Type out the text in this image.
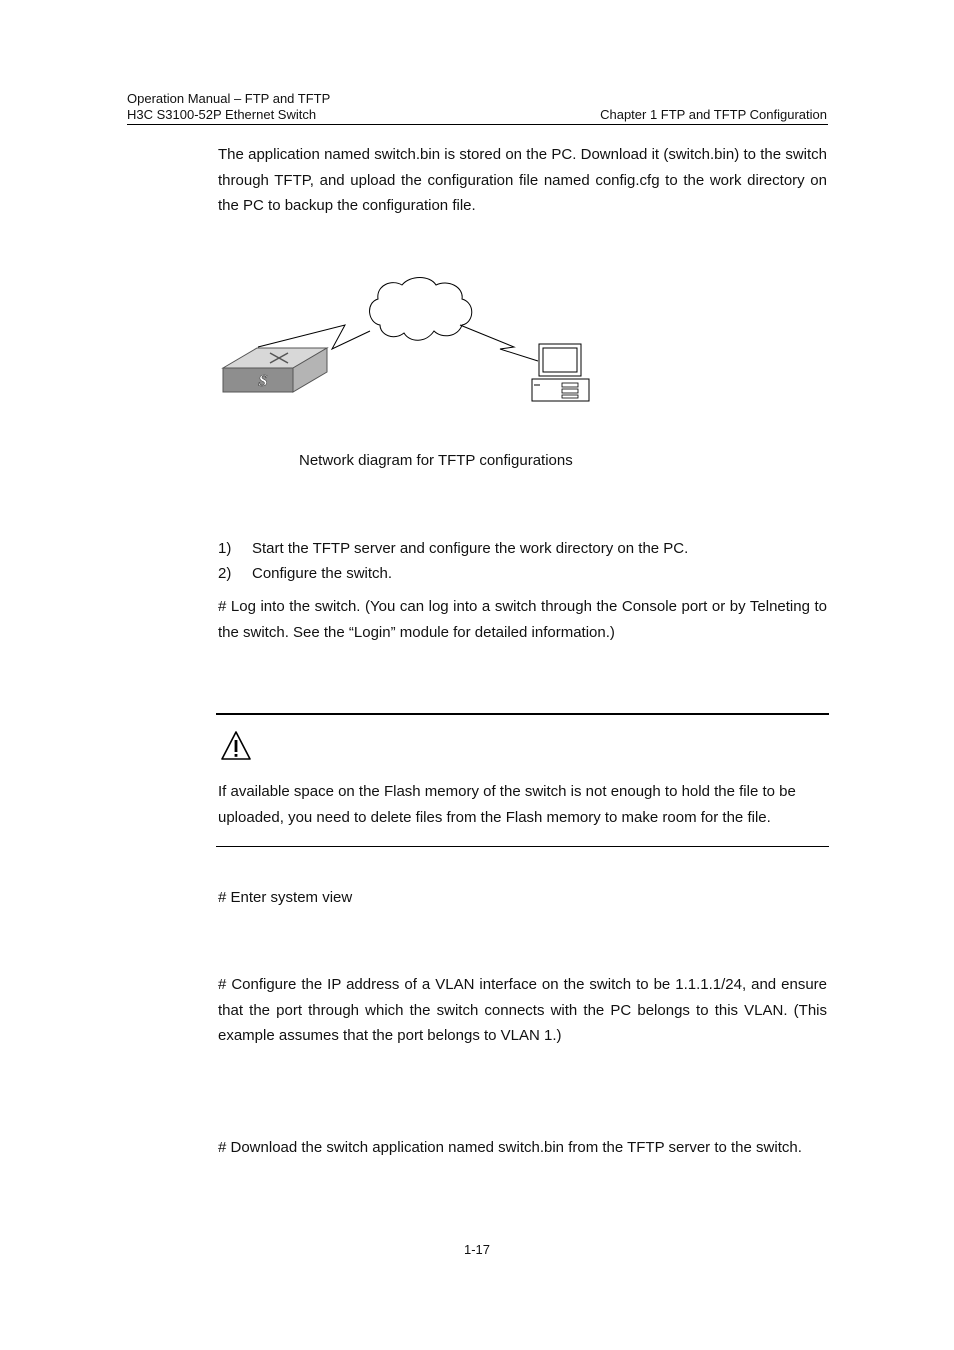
Operation Manual – FTP and TFTP
H3C S3100-52P Ethernet Switch	Chapter 1 FTP and TFTP Configuration
The application named switch.bin is stored on the PC. Download it (switch.bin) to the switch through TFTP, and upload the configuration file named config.cfg to the work directory on the PC to backup the configuration file.
S
Network diagram for TFTP configurations
1) Start the TFTP server and configure the work directory on the PC.
2) Configure the switch.
# Log into the switch. (You can log into a switch through the Console port or by Telneting to the switch. See the “Login” module for detailed information.)
If available space on the Flash memory of the switch is not enough to hold the file to be uploaded, you need to delete files from the Flash memory to make room for the file.
# Enter system view
# Configure the IP address of a VLAN interface on the switch to be 1.1.1.1/24, and ensure that the port through which the switch connects with the PC belongs to this VLAN. (This example assumes that the port belongs to VLAN 1.)
# Download the switch application named switch.bin from the TFTP server to the switch.
1-17
